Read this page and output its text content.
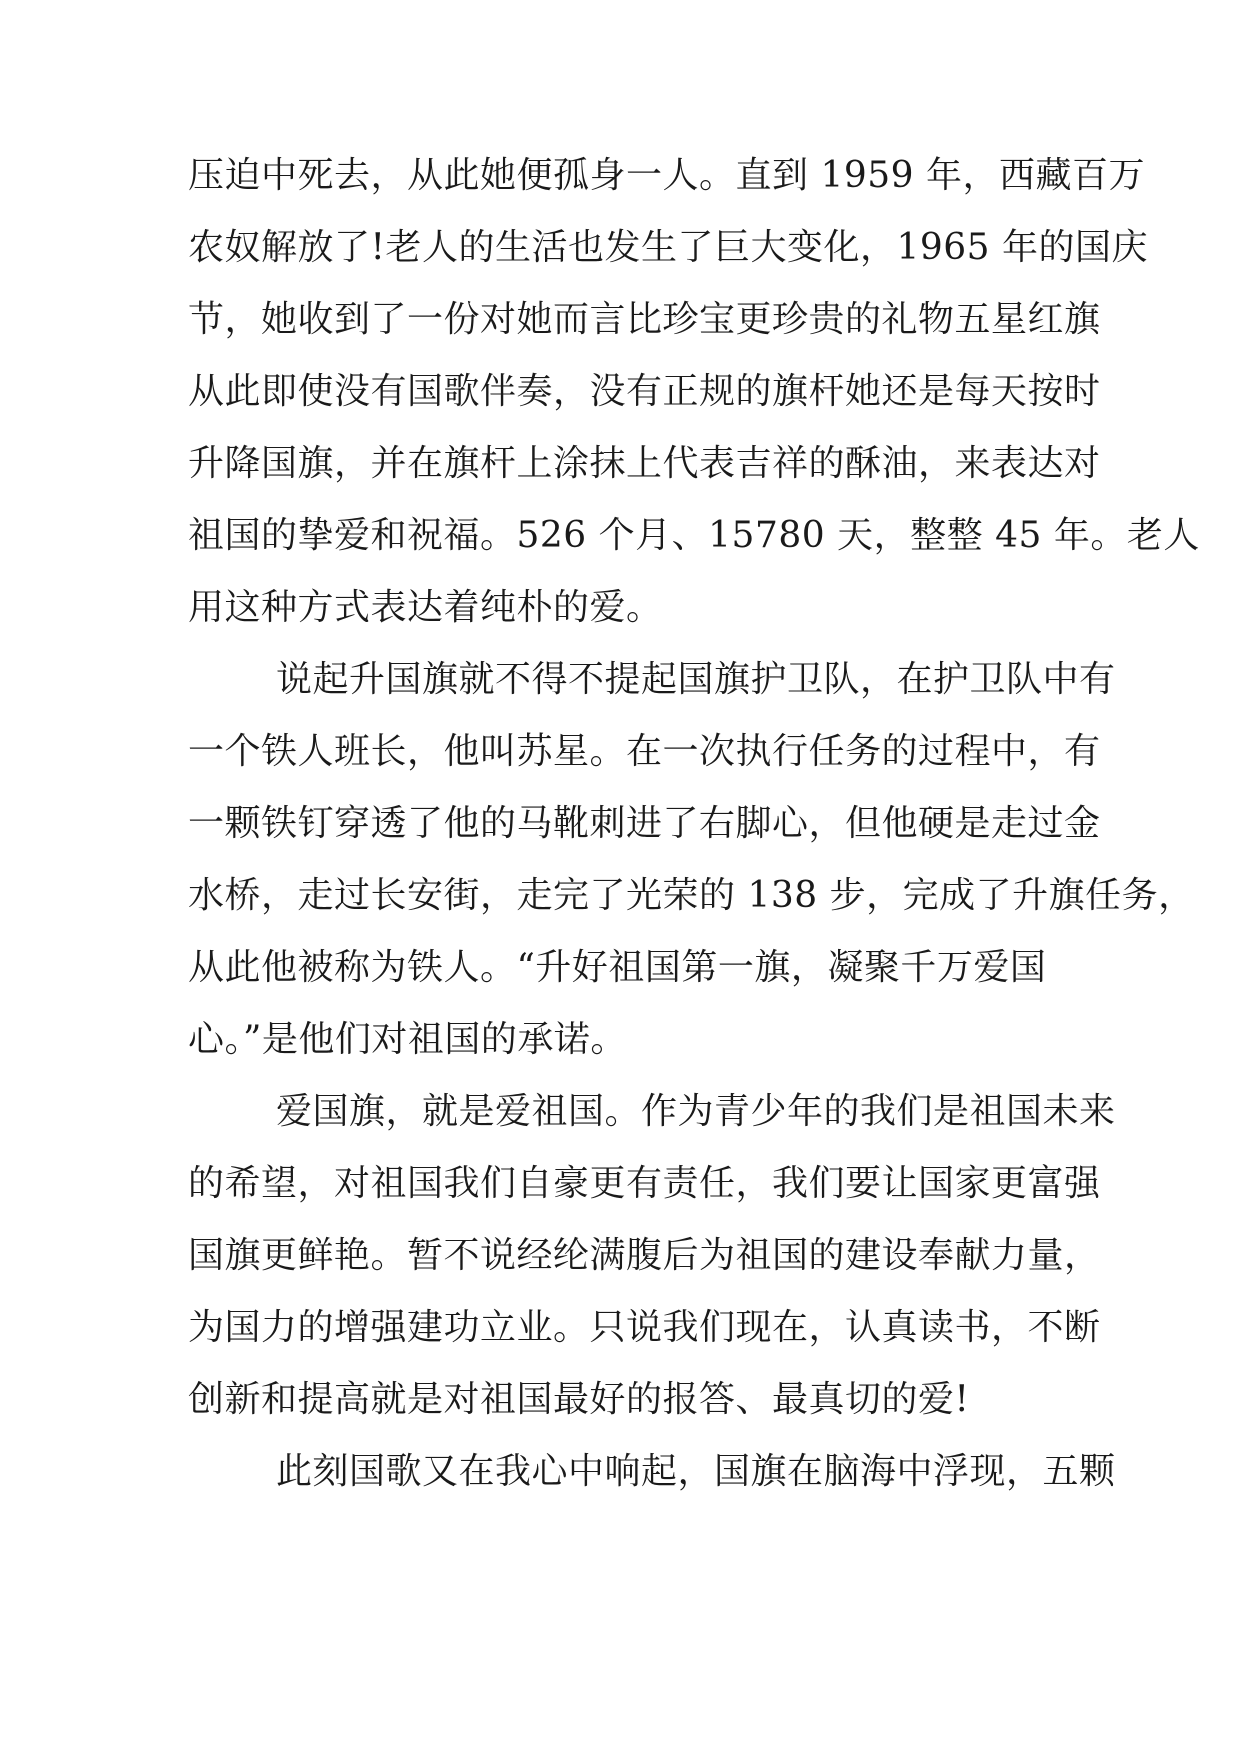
压迫中死去，从此她便孤身一人。直到 1959 年，西藏百万
农奴解放了!老人的生活也发生了巨大变化，1965 年的国庆
节，她收到了一份对她而言比珍宝更珍贵的礼物五星红旗
从此即使没有国歌伴奏，没有正规的旗杆她还是每天按时
升降国旗，并在旗杆上涂抹上代表吉祥的酥油，来表达对
祖国的挚爱和祝福。526 个月、15780 天，整整 45 年。老人
用这种方式表达着纯朴的爱。
说起升国旗就不得不提起国旗护卫队，在护卫队中有
一个铁人班长，他叫苏星。在一次执行任务的过程中，有
一颗铁钉穿透了他的马靴刺进了右脚心，但他硬是走过金
水桥，走过长安街，走完了光荣的 138 步，完成了升旗任务，
从此他被称为铁人。“升好祖国第一旗，凝聚千万爱国
心。”是他们对祖国的承诺。
爱国旗，就是爱祖国。作为青少年的我们是祖国未来
的希望，对祖国我们自豪更有责任，我们要让国家更富强
国旗更鲜艳。暂不说经纶满腹后为祖国的建设奉献力量，
为国力的增强建功立业。只说我们现在，认真读书，不断
创新和提高就是对祖国最好的报答、最真切的爱!
此刻国歌又在我心中响起，国旗在脑海中浮现，五颗
